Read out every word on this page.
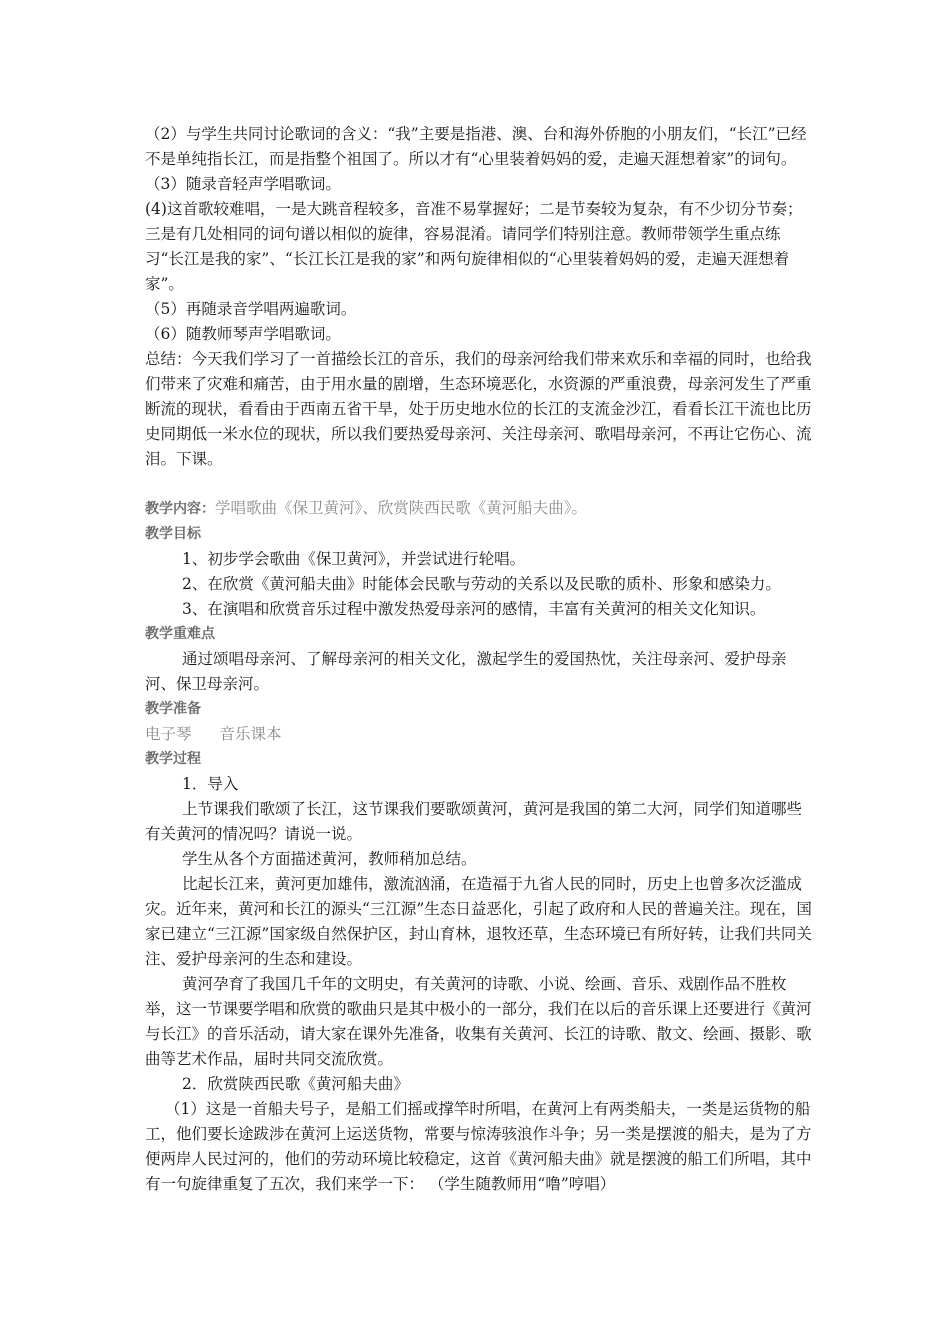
（2）与学生共同讨论歌词的含义：“我”主要是指港、澳、台和海外侨胞的小朋友们，“长江”已经不是单纯指长江，而是指整个祖国了。所以才有“心里装着妈妈的爱，走遍天涯想着家”的词句。

（3）随录音轻声学唱歌词。

(4)这首歌较难唱，一是大跳音程较多，音准不易掌握好；二是节奏较为复杂，有不少切分节奏；三是有几处相同的词句谱以相似的旋律，容易混淆。请同学们特别注意。教师带领学生重点练习“长江是我的家”、“长江长江是我的家”和两句旋律相似的“心里装着妈妈的爱，走遍天涯想着家”。

（5）再随录音学唱两遍歌词。

（6）随教师琴声学唱歌词。

总结：今天我们学习了一首描绘长江的音乐，我们的母亲河给我们带来欢乐和幸福的同时，也给我们带来了灾难和痛苦，由于用水量的剧增，生态环境恶化，水资源的严重浪费，母亲河发生了严重断流的现状，看看由于西南五省干旱，处于历史地水位的长江的支流金沙江，看看长江干流也比历史同期低一米水位的现状，所以我们要热爱母亲河、关注母亲河、歌唱母亲河，不再让它伤心、流泪。下课。

教学内容：学唱歌曲《保卫黄河》、欣赏陕西民歌《黄河船夫曲》。

教学目标

1、初步学会歌曲《保卫黄河》，并尝试进行轮唱。

2、在欣赏《黄河船夫曲》时能体会民歌与劳动的关系以及民歌的质朴、形象和感染力。

3、在演唱和欣赏音乐过程中激发热爱母亲河的感情，丰富有关黄河的相关文化知识。

教学重难点

通过颂唱母亲河、了解母亲河的相关文化，激起学生的爱国热忱，关注母亲河、爱护母亲河、保卫母亲河。

教学准备

电子琴 音乐课本

教学过程

1．导入

上节课我们歌颂了长江，这节课我们要歌颂黄河，黄河是我国的第二大河，同学们知道哪些有关黄河的情况吗？请说一说。

学生从各个方面描述黄河，教师稍加总结。

比起长江来，黄河更加雄伟，激流汹涌，在造福于九省人民的同时，历史上也曾多次泛滥成灾。近年来，黄河和长江的源头“三江源”生态日益恶化，引起了政府和人民的普遍关注。现在，国家已建立“三江源”国家级自然保护区，封山育林，退牧还草，生态环境已有所好转，让我们共同关注、爱护母亲河的生态和建设。

黄河孕育了我国几千年的文明史，有关黄河的诗歌、小说、绘画、音乐、戏剧作品不胜枚举，这一节课要学唱和欣赏的歌曲只是其中极小的一部分，我们在以后的音乐课上还要进行《黄河与长江》的音乐活动，请大家在课外先准备，收集有关黄河、长江的诗歌、散文、绘画、摄影、歌曲等艺术作品，届时共同交流欣赏。

2．欣赏陕西民歌《黄河船夫曲》

（1）这是一首船夫号子，是船工们摇或撑竿时所唱，在黄河上有两类船夫，一类是运货物的船工，他们要长途跋涉在黄河上运送货物，常要与惊涛骇浪作斗争；另一类是摆渡的船夫，是为了方便两岸人民过河的，他们的劳动环境比较稳定，这首《黄河船夫曲》就是摆渡的船工们所唱，其中有一句旋律重复了五次，我们来学一下： （学生随教师用“噜”哼唱）
